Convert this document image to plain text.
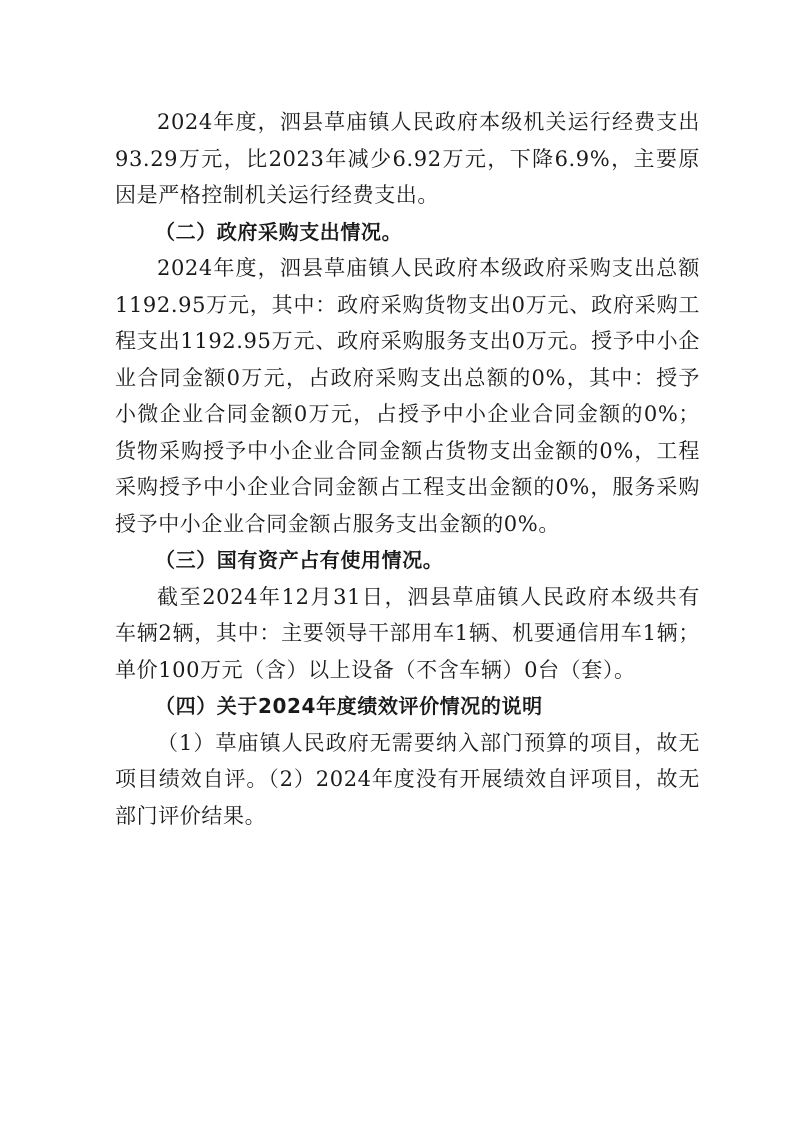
2024年度，泗县草庙镇人民政府本级机关运行经费支出93.29万元，比2023年减少6.92万元，下降6.9%，主要原因是严格控制机关运行经费支出。

（二）政府采购支出情况。

2024年度，泗县草庙镇人民政府本级政府采购支出总额1192.95万元，其中：政府采购货物支出0万元、政府采购工程支出1192.95万元、政府采购服务支出0万元。授予中小企业合同金额0万元，占政府采购支出总额的0%，其中：授予小微企业合同金额0万元，占授予中小企业合同金额的0%；货物采购授予中小企业合同金额占货物支出金额的0%，工程采购授予中小企业合同金额占工程支出金额的0%，服务采购授予中小企业合同金额占服务支出金额的0%。

（三）国有资产占有使用情况。

截至2024年12月31日，泗县草庙镇人民政府本级共有车辆2辆，其中：主要领导干部用车1辆、机要通信用车1辆；单价100万元（含）以上设备（不含车辆）0台（套）。

（四）关于2024年度绩效评价情况的说明

（1）草庙镇人民政府无需要纳入部门预算的项目，故无项目绩效自评。（2）2024年度没有开展绩效自评项目，故无部门评价结果。
